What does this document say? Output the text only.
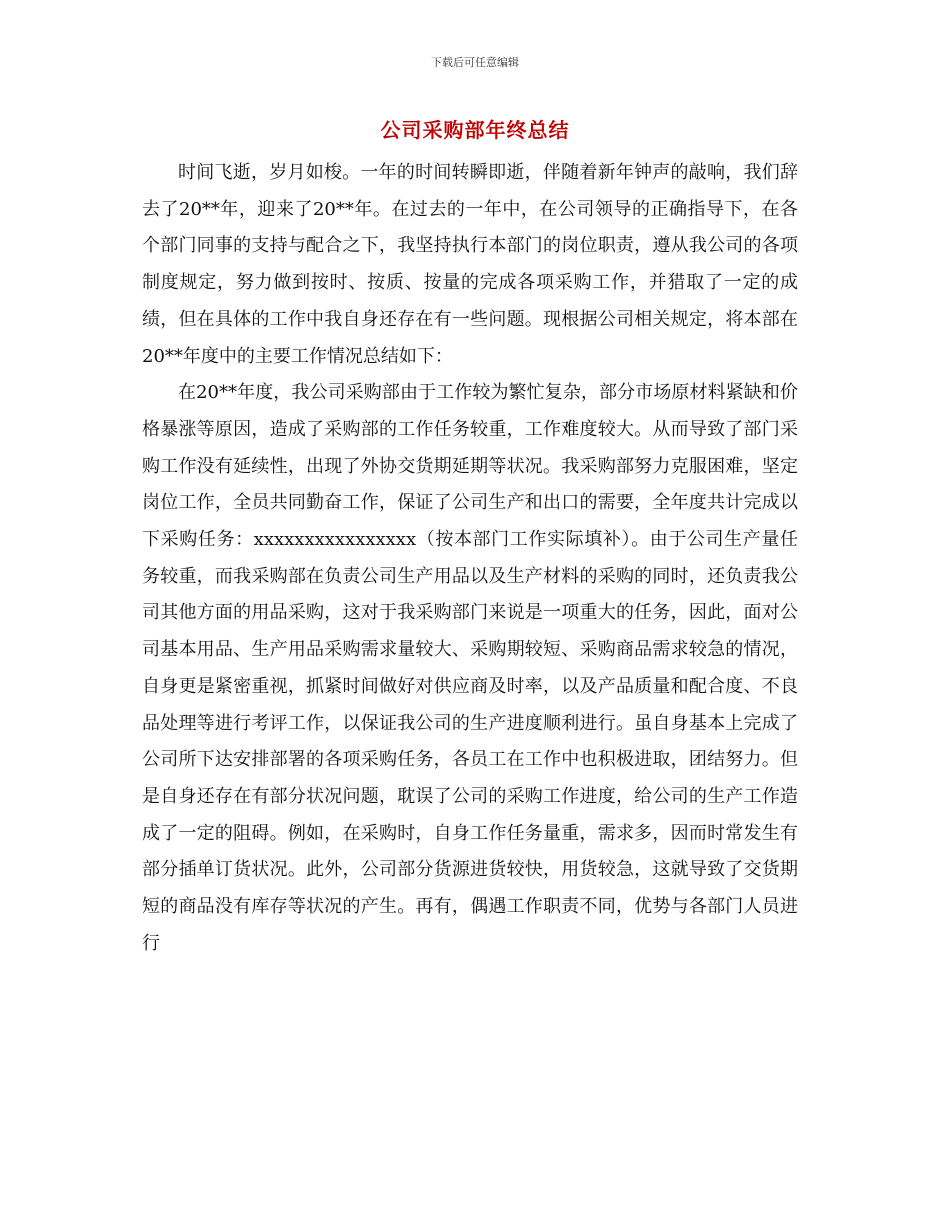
下载后可任意编辑
公司采购部年终总结

时间飞逝，岁月如梭。一年的时间转瞬即逝，伴随着新年钟声的敲响，我们辞去了20**年，迎来了20**年。在过去的一年中，在公司领导的正确指导下，在各个部门同事的支持与配合之下，我坚持执行本部门的岗位职责，遵从我公司的各项制度规定，努力做到按时、按质、按量的完成各项采购工作，并猎取了一定的成绩，但在具体的工作中我自身还存在有一些问题。现根据公司相关规定，将本部在20**年度中的主要工作情况总结如下：

在20**年度，我公司采购部由于工作较为繁忙复杂，部分市场原材料紧缺和价格暴涨等原因，造成了采购部的工作任务较重，工作难度较大。从而导致了部门采购工作没有延续性，出现了外协交货期延期等状况。我采购部努力克服困难，坚定岗位工作，全员共同勤奋工作，保证了公司生产和出口的需要，全年度共计完成以下采购任务：xxxxxxxxxxxxxxxx（按本部门工作实际填补）。由于公司生产量任务较重，而我采购部在负责公司生产用品以及生产材料的采购的同时，还负责我公司其他方面的用品采购，这对于我采购部门来说是一项重大的任务，因此，面对公司基本用品、生产用品采购需求量较大、采购期较短、采购商品需求较急的情况，自身更是紧密重视，抓紧时间做好对供应商及时率，以及产品质量和配合度、不良品处理等进行考评工作，以保证我公司的生产进度顺利进行。虽自身基本上完成了公司所下达安排部署的各项采购任务，各员工在工作中也积极进取，团结努力。但是自身还存在有部分状况问题，耽误了公司的采购工作进度，给公司的生产工作造成了一定的阻碍。例如，在采购时，自身工作任务量重，需求多，因而时常发生有部分插单订货状况。此外，公司部分货源进货较快，用货较急，这就导致了交货期短的商品没有库存等状况的产生。再有，偶遇工作职责不同，优势与各部门人员进行
